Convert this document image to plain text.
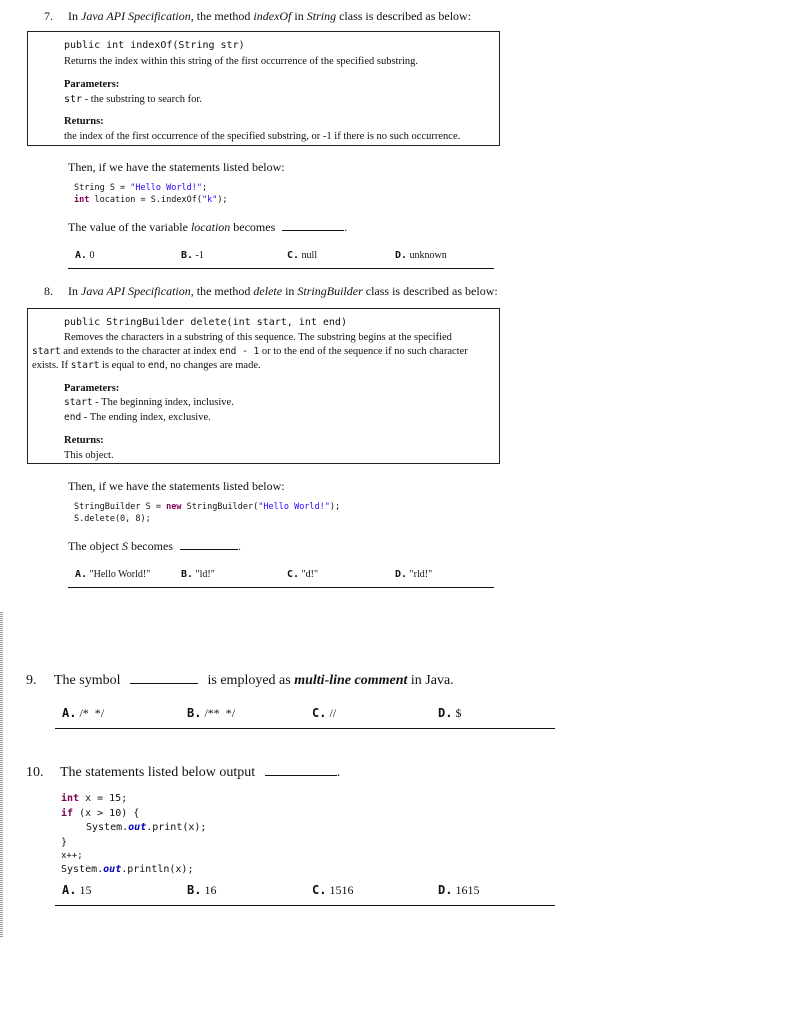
7. In Java API Specification, the method indexOf in String class is described as below:
public int indexOf(String str)
Returns the index within this string of the first occurrence of the specified substring.
Parameters:
str - the substring to search for.
Returns:
the index of the first occurrence of the specified substring, or -1 if there is no such occurrence.
Then, if we have the statements listed below:
String S = "Hello World!";
int location = S.indexOf("k");
The value of the variable location becomes	.
A. 0	B. -1	C. null	D. unknown
8. In Java API Specification, the method delete in StringBuilder class is described as below:
public StringBuilder delete(int start, int end)
Removes the characters in a substring of this sequence. The substring begins at the specified
start and extends to the character at index end - 1 or to the end of the sequence if no such character
exists. If start is equal to end, no changes are made.
Parameters:
start - The beginning index, inclusive.
end - The ending index, exclusive.
Returns:
This object.
Then, if we have the statements listed below:
StringBuilder S = new StringBuilder("Hello World!");
S.delete(0, 8);
The object S becomes	.
A. "Hello World!"	B. "ld!"	C. "d!"	D. "rld!"
9. The symbol	is employed as multi-line comment in Java.
A. /*  */	B. /**  */	C. //	D. $
10. The statements listed below output	.
int x = 15;
if (x > 10) {
System.out.print(x);
}
x++;
System.out.println(x);
A. 15	B. 16	C. 1516	D. 1615
